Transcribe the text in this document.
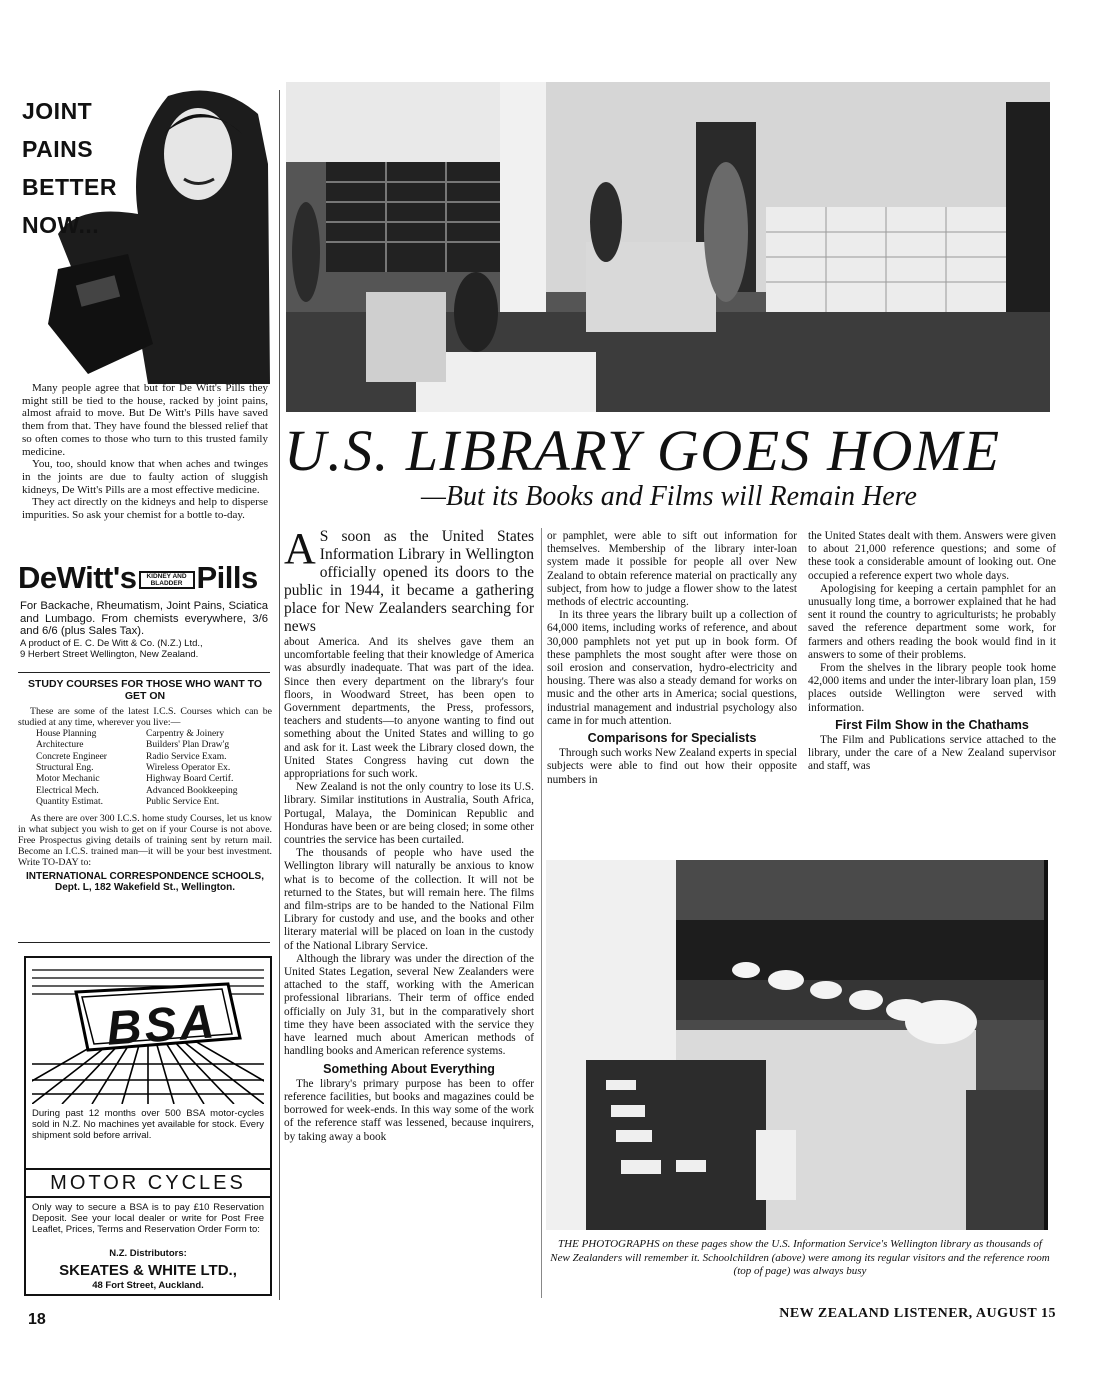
JOINT
PAINS
BETTER
NOW...

Many people agree that but for De Witt's Pills they might still be tied to the house, racked by joint pains, almost afraid to move. But De Witt's Pills have saved them from that. They have found the blessed relief that so often comes to those who turn to this trusted family medicine.

You, too, should know that when aches and twinges in the joints are due to faulty action of sluggish kidneys, De Witt's Pills are a most effective medicine.

They act directly on the kidneys and help to disperse impurities. So ask your chemist for a bottle to-day.

DeWitt's KIDNEY AND BLADDER Pills
For Backache, Rheumatism, Joint Pains, Sciatica and Lumbago. From chemists everywhere, 3/6 and 6/6 (plus Sales Tax).
A product of E. C. De Witt & Co. (N.Z.) Ltd.,
9 Herbert Street Wellington, New Zealand.
STUDY COURSES FOR THOSE WHO WANT TO GET ON
These are some of the latest I.C.S. Courses which can be studied at any time, wherever you live:—
House Planning	Carpentry & Joinery
Architecture	Builders' Plan Draw'g
Concrete Engineer	Radio Service Exam.
Structural Eng.	Wireless Operator Ex.
Motor Mechanic	Highway Board Certif.
Electrical Mech.	Advanced Bookkeeping
Quantity Estimat.	Public Service Ent.
As there are over 300 I.C.S. home study Courses, let us know in what subject you wish to get on if your Course is not above. Free Prospectus giving details of training sent by return mail. Become an I.C.S. trained man—it will be your best investment. Write TO-DAY to:
INTERNATIONAL CORRESPONDENCE SCHOOLS,
Dept. L, 182 Wakefield St., Wellington.
BSA
During past 12 months over 500 BSA motor-cycles sold in N.Z. No machines yet available for stock. Every shipment sold before arrival.
MOTOR CYCLES
Only way to secure a BSA is to pay £10 Reservation Deposit. See your local dealer or write for Post Free Leaflet, Prices, Terms and Reservation Order Form to:
N.Z. Distributors:
SKEATES & WHITE LTD.,
48 Fort Street, Auckland.
U.S. LIBRARY GOES HOME
—But its Books and Films will Remain Here
A S soon as the United States Information Library in Wellington officially opened its doors to the public in 1944, it became a gathering place for New Zealanders searching for news

about America. And its shelves gave them an uncomfortable feeling that their knowledge of America was absurdly inadequate. That was part of the idea. Since then every department on the library's four floors, in Woodward Street, has been open to Government departments, the Press, professors, teachers and students—to anyone wanting to find out something about the United States and willing to go and ask for it. Last week the Library closed down, the United States Congress having cut down the appropriations for such work.

New Zealand is not the only country to lose its U.S. library. Similar institutions in Australia, South Africa, Portugal, Malaya, the Dominican Republic and Honduras have been or are being closed; in some other countries the service has been curtailed.

The thousands of people who have used the Wellington library will naturally be anxious to know what is to become of the collection. It will not be returned to the States, but will remain here. The films and film-strips are to be handed to the National Film Library for custody and use, and the books and other literary material will be placed on loan in the custody of the National Library Service.

Although the library was under the direction of the United States Legation, several New Zealanders were attached to the staff, working with the American professional librarians. Their term of office ended officially on July 31, but in the comparatively short time they have been associated with the service they have learned much about American methods of handling books and American reference systems.

Something About Everything

The library's primary purpose has been to offer reference facilities, but books and magazines could be borrowed for week-ends. In this way some of the work of the reference staff was lessened, because inquirers, by taking away a book

or pamphlet, were able to sift out information for themselves. Membership of the library inter-loan system made it possible for people all over New Zealand to obtain reference material on practically any subject, from how to judge a flower show to the latest methods of electric accounting.

In its three years the library built up a collection of 64,000 items, including works of reference, and about 30,000 pamphlets not yet put up in book form. Of these pamphlets the most sought after were those on soil erosion and conservation, hydro-electricity and housing. There was also a steady demand for works on music and the other arts in America; social questions, industrial management and industrial psychology also came in for much attention.

Comparisons for Specialists

Through such works New Zealand experts in special subjects were able to find out how their opposite numbers in

the United States dealt with them. Answers were given to about 21,000 reference questions; and some of these took a considerable amount of looking out. One occupied a reference expert two whole days.

Apologising for keeping a certain pamphlet for an unusually long time, a borrower explained that he had sent it round the country to agriculturists; he probably saved the reference department some work, for farmers and others reading the book would find in it answers to some of their problems.

From the shelves in the library people took home 42,000 items and under the inter-library loan plan, 159 places outside Wellington were served with information.

First Film Show in the Chathams

The Film and Publications service attached to the library, under the care of a New Zealand supervisor and staff, was

THE PHOTOGRAPHS on these pages show the U.S. Information Service's Wellington library as thousands of New Zealanders will remember it. Schoolchildren (above) were among its regular visitors and the reference room (top of page) was always busy
18	NEW ZEALAND LISTENER, AUGUST 15
